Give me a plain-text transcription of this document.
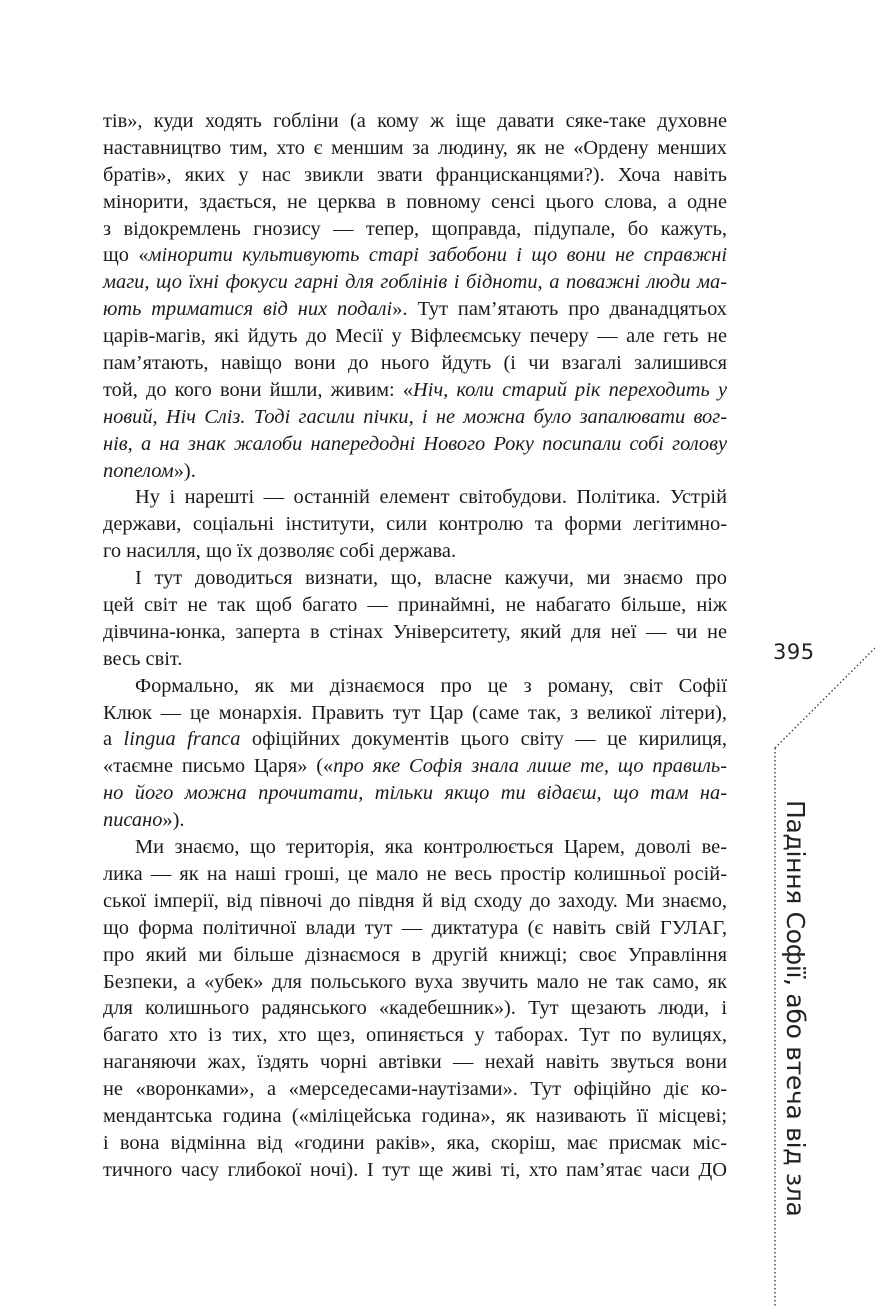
тів», куди ходять гобліни (а кому ж іще давати сяке-таке духовне
наставництво тим, хто є меншим за людину, як не «Ордену менших
братів», яких у нас звикли звати францисканцями?). Хоча навіть
мінорити, здається, не церква в повному сенсі цього слова, а одне
з відокремлень гнозису — тепер, щоправда, підупале, бо кажуть,
що «мінорити культивують старі забобони і що вони не справжні
маги, що їхні фокуси гарні для гоблінів і бідноти, а поважні люди ма-
ють триматися від них подалі». Тут пам’ятають про дванадцятьох
царів-магів, які йдуть до Месії у Віфлеємську печеру — але геть не
пам’ятають, навіщо вони до нього йдуть (і чи взагалі залишився
той, до кого вони йшли, живим: «Ніч, коли старий рік переходить у
новий, Ніч Сліз. Тоді гасили пічки, і не можна було запалювати вог-
нів, а на знак жалоби напередодні Нового Року посипали собі голову
попелом»).
Ну і нарешті — останній елемент світобудови. Політика. Устрій
держави, соціальні інститути, сили контролю та форми легітимно-
го насилля, що їх дозволяє собі держава.
І тут доводиться визнати, що, власне кажучи, ми знаємо про
цей світ не так щоб багато — принаймні, не набагато більше, ніж
дівчина-юнка, заперта в стінах Університету, який для неї — чи не
весь світ.
Формально, як ми дізнаємося про це з роману, світ Софії
Клюк — це монархія. Править тут Цар (саме так, з великої літери),
а lingua franca офіційних документів цього світу — це кирилиця,
«таємне письмо Царя» («про яке Софія знала лише те, що правиль-
но його можна прочитати, тільки якщо ти відаєш, що там на-
писано»).
Ми знаємо, що територія, яка контролюється Царем, доволі ве-
лика — як на наші гроші, це мало не весь простір колишньої росій-
ської імперії, від півночі до півдня й від сходу до заходу. Ми знаємо,
що форма політичної влади тут — диктатура (є навіть свій ГУЛАГ,
про який ми більше дізнаємося в другій книжці; своє Управління
Безпеки, а «убек» для польського вуха звучить мало не так само, як
для колишнього радянського «кадебешник»). Тут щезають люди, і
багато хто із тих, хто щез, опиняється у таборах. Тут по вулицях,
наганяючи жах, їздять чорні автівки — нехай навіть звуться вони
не «воронками», а «мерседесами-наутізами». Тут офіційно діє ко-
мендантська година («міліцейська година», як називають її місцеві;
і вона відмінна від «години раків», яка, скоріш, має присмак міс-
тичного часу глибокої ночі). І тут ще живі ті, хто пам’ятає часи ДО
395
Падіння Софії, або втеча від зла
